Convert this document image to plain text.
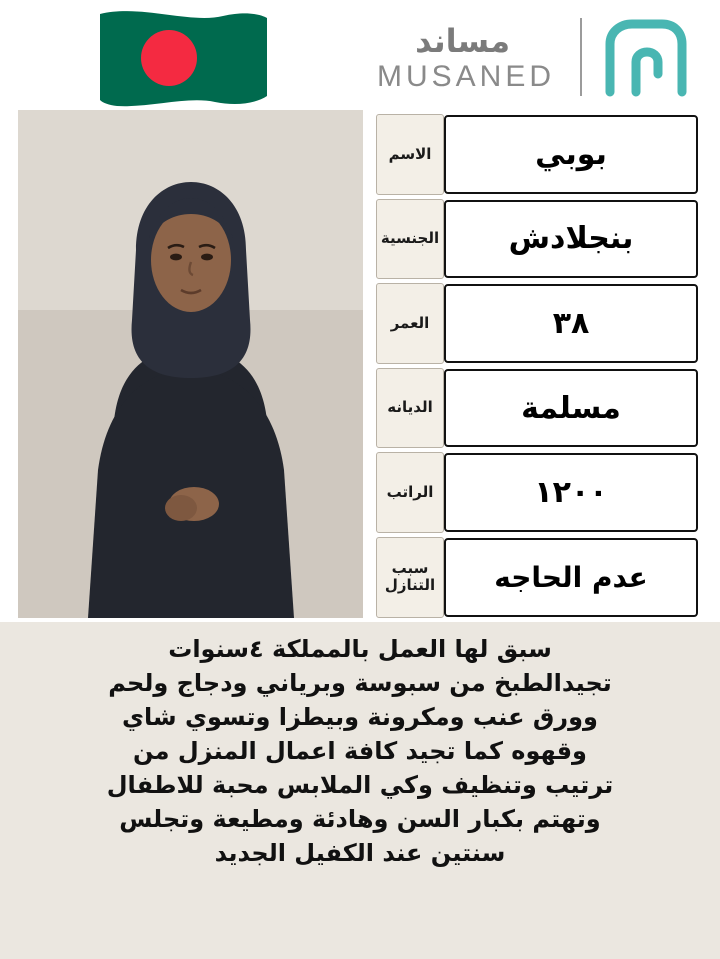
مساند
MUSANED
الاسم	بوبي
الجنسية	بنجلادش
العمر	٣٨
الديانه	مسلمة
الراتب	١٢٠٠
سبب التنازل	عدم الحاجه
سبق لها العمل بالمملكة ٤سنوات
تجيدالطبخ من سبوسة وبرياني ودجاج ولحم
وورق عنب ومكرونة وبيطزا وتسوي شاي
وقهوه كما تجيد كافة اعمال المنزل من
ترتيب وتنظيف وكي الملابس محبة للاطفال
وتهتم بكبار السن وهادئة ومطيعة وتجلس
سنتين عند الكفيل الجديد
